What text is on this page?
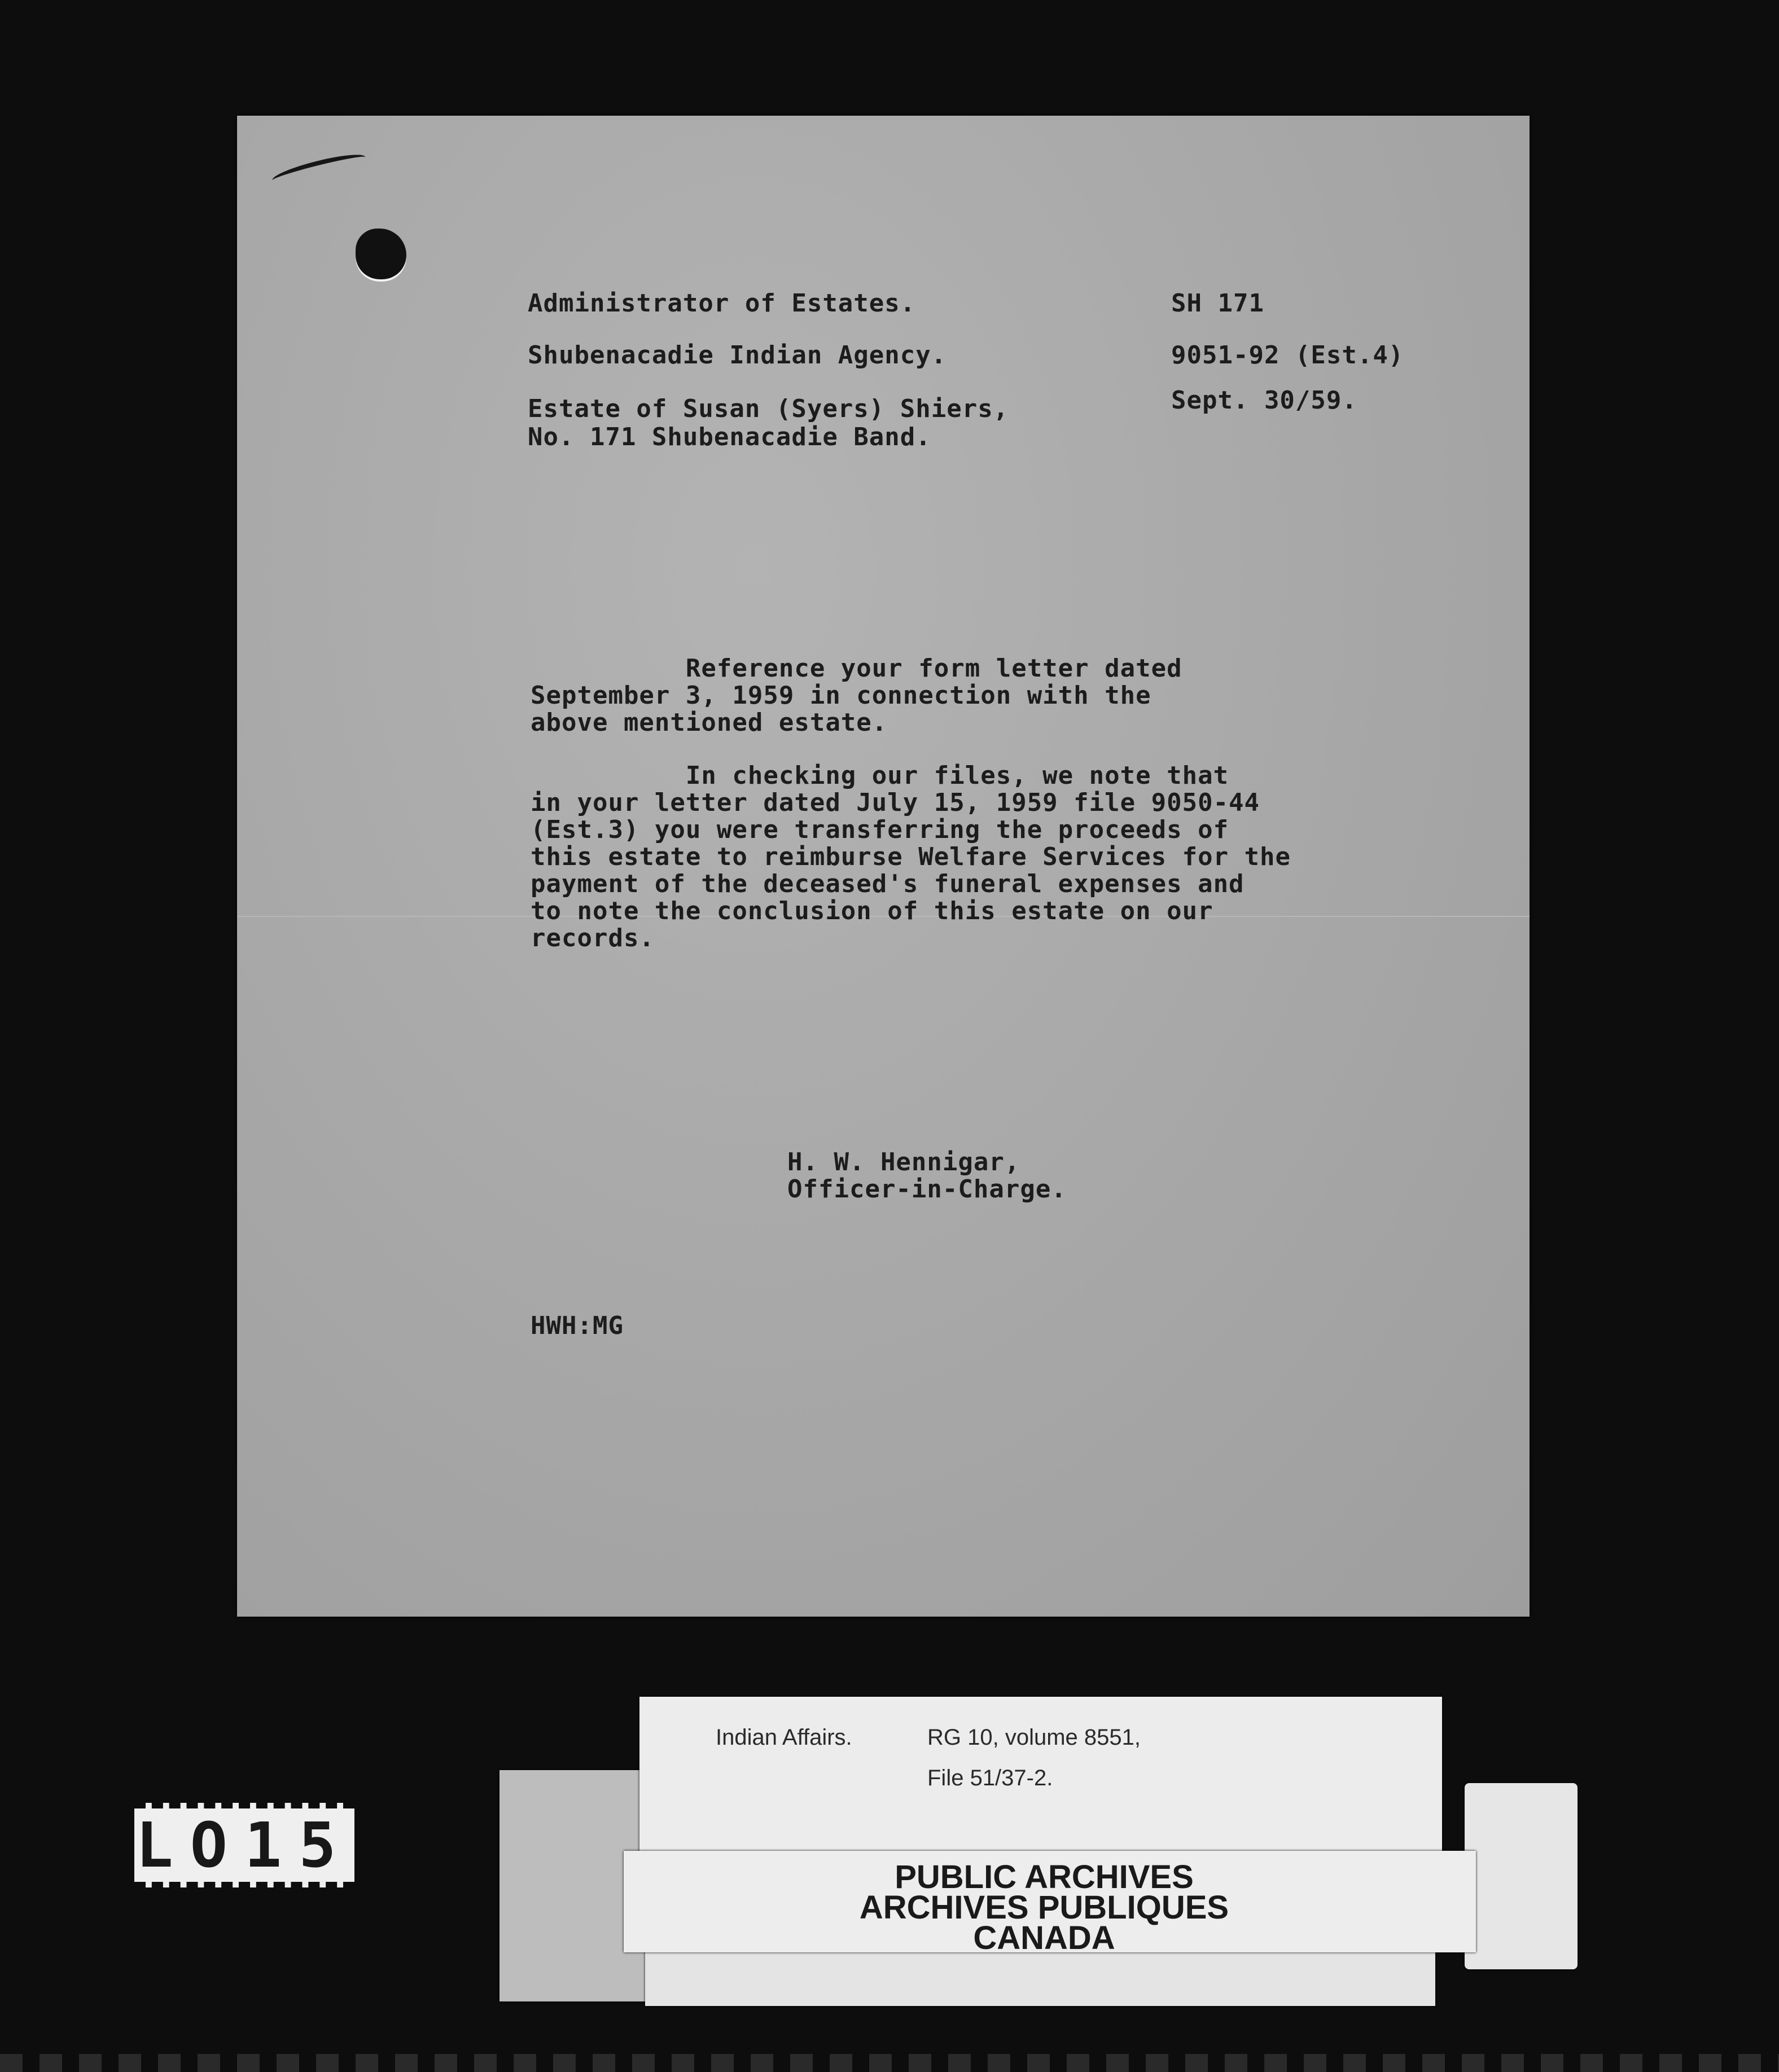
Administrator of Estates.

Shubenacadie Indian Agency.

Estate of Susan (Syers) Shiers,

No. 171 Shubenacadie Band.

SH 171

9051-92 (Est.4)

Sept. 30/59.

Reference your form letter dated

September 3, 1959 in connection with the

above mentioned estate.

In checking our files, we note that

in your letter dated July 15, 1959 file 9050-44

(Est.3) you were transferring the proceeds of

this estate to reimburse Welfare Services for the

payment of the deceased's funeral expenses and

to note the conclusion of this estate on our

records.

H. W. Hennigar,

Officer-in-Charge.

HWH:MG

LO15
Indian Affairs.	RG 10, volume 8551,
File 51/37-2.
PUBLIC ARCHIVES
ARCHIVES PUBLIQUES
CANADA
